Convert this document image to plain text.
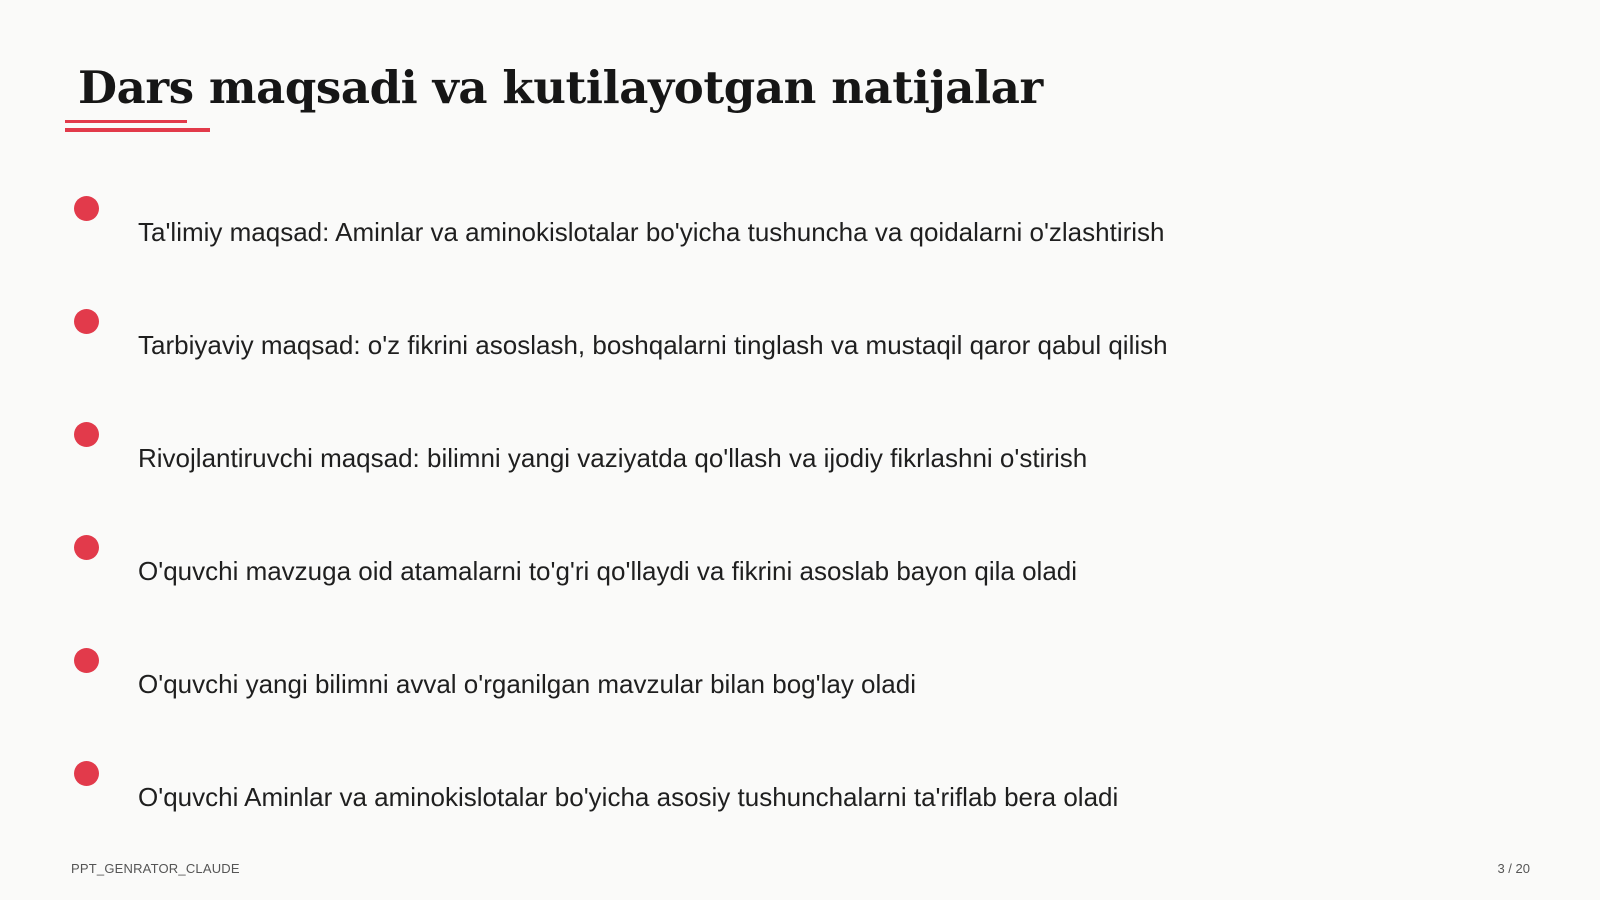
Dars maqsadi va kutilayotgan natijalar
Ta'limiy maqsad: Aminlar va aminokislotalar bo'yicha tushuncha va qoidalarni o'zlashtirish
Tarbiyaviy maqsad: o'z fikrini asoslash, boshqalarni tinglash va mustaqil qaror qabul qilish
Rivojlantiruvchi maqsad: bilimni yangi vaziyatda qo'llash va ijodiy fikrlashni o'stirish
O'quvchi mavzuga oid atamalarni to'g'ri qo'llaydi va fikrini asoslab bayon qila oladi
O'quvchi yangi bilimni avval o'rganilgan mavzular bilan bog'lay oladi
O'quvchi Aminlar va aminokislotalar bo'yicha asosiy tushunchalarni ta'riflab bera oladi
PPT_GENRATOR_CLAUDE	3 / 20
